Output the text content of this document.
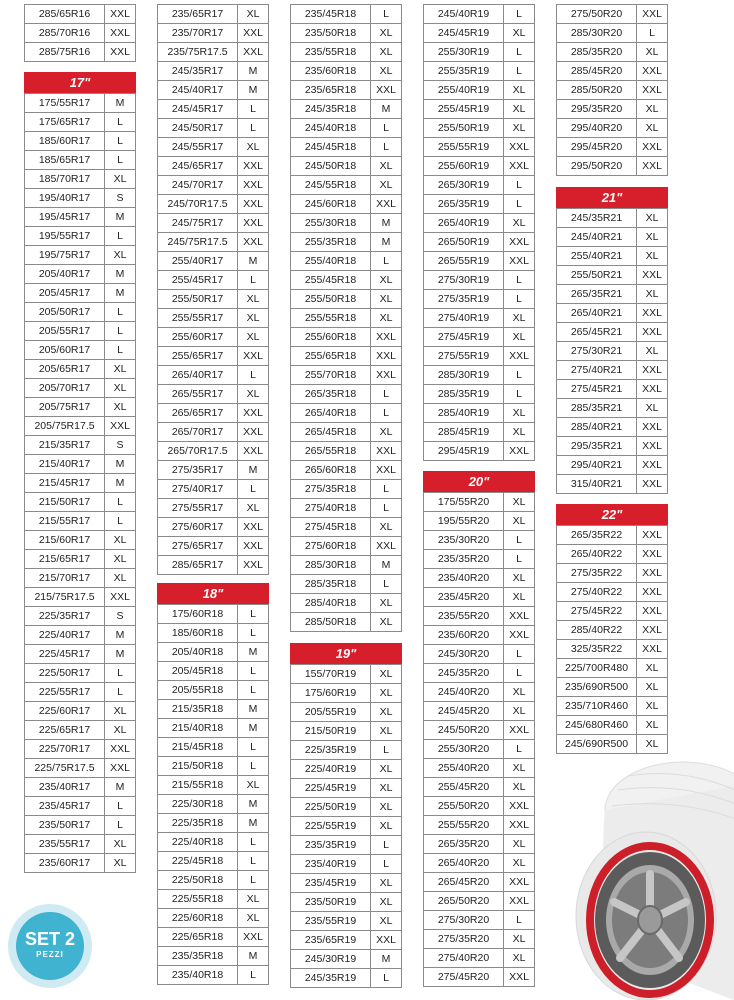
285/65R16	XXL
285/70R16	XXL
285/75R16	XXL
17"
175/55R17	M
175/65R17	L
185/60R17	L
185/65R17	L
185/70R17	XL
195/40R17	S
195/45R17	M
195/55R17	L
195/75R17	XL
205/40R17	M
205/45R17	M
205/50R17	L
205/55R17	L
205/60R17	L
205/65R17	XL
205/70R17	XL
205/75R17	XL
205/75R17.5	XXL
215/35R17	S
215/40R17	M
215/45R17	M
215/50R17	L
215/55R17	L
215/60R17	XL
215/65R17	XL
215/70R17	XL
215/75R17.5	XXL
225/35R17	S
225/40R17	M
225/45R17	M
225/50R17	L
225/55R17	L
225/60R17	XL
225/65R17	XL
225/70R17	XXL
225/75R17.5	XXL
235/40R17	M
235/45R17	L
235/50R17	L
235/55R17	XL
235/60R17	XL
235/65R17	XL
235/70R17	XXL
235/75R17.5	XXL
245/35R17	M
245/40R17	M
245/45R17	L
245/50R17	L
245/55R17	XL
245/65R17	XXL
245/70R17	XXL
245/70R17.5	XXL
245/75R17	XXL
245/75R17.5	XXL
255/40R17	M
255/45R17	L
255/50R17	XL
255/55R17	XL
255/60R17	XL
255/65R17	XXL
265/40R17	L
265/55R17	XL
265/65R17	XXL
265/70R17	XXL
265/70R17.5	XXL
275/35R17	M
275/40R17	L
275/55R17	XL
275/60R17	XXL
275/65R17	XXL
285/65R17	XXL
18"
175/60R18	L
185/60R18	L
205/40R18	M
205/45R18	L
205/55R18	L
215/35R18	M
215/40R18	M
215/45R18	L
215/50R18	L
215/55R18	XL
225/30R18	M
225/35R18	M
225/40R18	L
225/45R18	L
225/50R18	L
225/55R18	XL
225/60R18	XL
225/65R18	XXL
235/35R18	M
235/40R18	L
235/45R18	L
235/50R18	XL
235/55R18	XL
235/60R18	XL
235/65R18	XXL
245/35R18	M
245/40R18	L
245/45R18	L
245/50R18	XL
245/55R18	XL
245/60R18	XXL
255/30R18	M
255/35R18	M
255/40R18	L
255/45R18	XL
255/50R18	XL
255/55R18	XL
255/60R18	XXL
255/65R18	XXL
255/70R18	XXL
265/35R18	L
265/40R18	L
265/45R18	XL
265/55R18	XXL
265/60R18	XXL
275/35R18	L
275/40R18	L
275/45R18	XL
275/60R18	XXL
285/30R18	M
285/35R18	L
285/40R18	XL
285/50R18	XL
19"
155/70R19	XL
175/60R19	XL
205/55R19	XL
215/50R19	XL
225/35R19	L
225/40R19	XL
225/45R19	XL
225/50R19	XL
225/55R19	XL
235/35R19	L
235/40R19	L
235/45R19	XL
235/50R19	XL
235/55R19	XL
235/65R19	XXL
245/30R19	M
245/35R19	L
245/40R19	L
245/45R19	XL
255/30R19	L
255/35R19	L
255/40R19	XL
255/45R19	XL
255/50R19	XL
255/55R19	XXL
255/60R19	XXL
265/30R19	L
265/35R19	L
265/40R19	XL
265/50R19	XXL
265/55R19	XXL
275/30R19	L
275/35R19	L
275/40R19	XL
275/45R19	XL
275/55R19	XXL
285/30R19	L
285/35R19	L
285/40R19	XL
285/45R19	XL
295/45R19	XXL
20"
175/55R20	XL
195/55R20	XL
235/30R20	L
235/35R20	L
235/40R20	XL
235/45R20	XL
235/55R20	XXL
235/60R20	XXL
245/30R20	L
245/35R20	L
245/40R20	XL
245/45R20	XL
245/50R20	XXL
255/30R20	L
255/40R20	XL
255/45R20	XL
255/50R20	XXL
255/55R20	XXL
265/35R20	XL
265/40R20	XL
265/45R20	XXL
265/50R20	XXL
275/30R20	L
275/35R20	XL
275/40R20	XL
275/45R20	XXL
275/50R20	XXL
285/30R20	L
285/35R20	XL
285/45R20	XXL
285/50R20	XXL
295/35R20	XL
295/40R20	XL
295/45R20	XXL
295/50R20	XXL
21"
245/35R21	XL
245/40R21	XL
255/40R21	XL
255/50R21	XXL
265/35R21	XL
265/40R21	XXL
265/45R21	XXL
275/30R21	XL
275/40R21	XXL
275/45R21	XXL
285/35R21	XL
285/40R21	XXL
295/35R21	XXL
295/40R21	XXL
315/40R21	XXL
22"
265/35R22	XXL
265/40R22	XXL
275/35R22	XXL
275/40R22	XXL
275/45R22	XXL
285/40R22	XXL
325/35R22	XXL
225/700R480	XL
235/690R500	XL
235/710R460	XL
245/680R460	XL
245/690R500	XL
SET 2
PEZZI
